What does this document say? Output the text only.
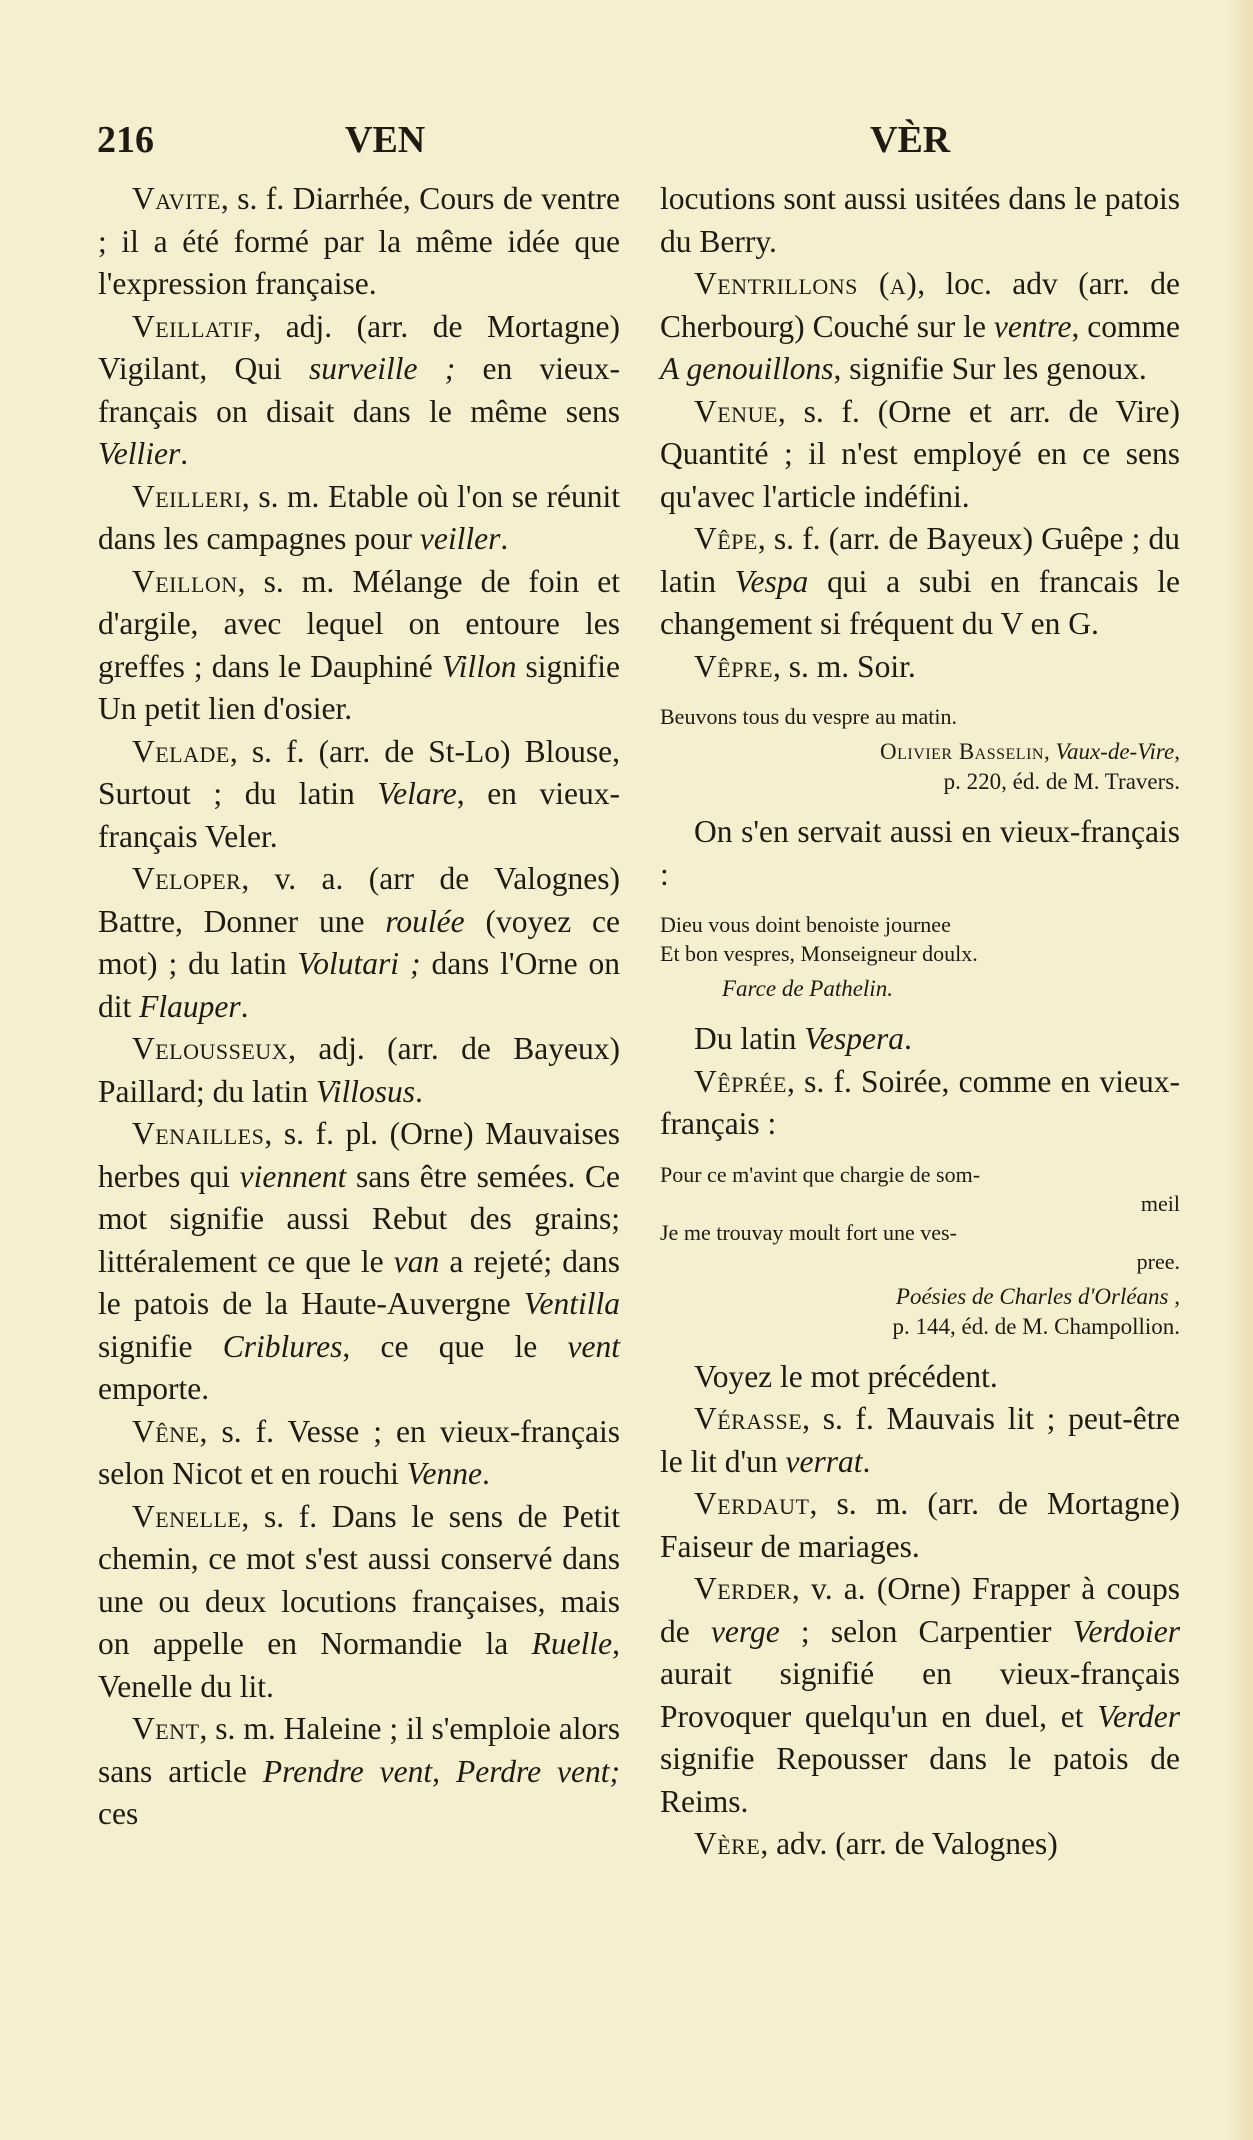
216	VEN	VÈR

Vavite, s. f. Diarrhée, Cours de ventre ; il a été formé par la même idée que l'expression française.

Veillatif, adj. (arr. de Mortagne) Vigilant, Qui surveille ; en vieux-français on disait dans le même sens Vellier.

Veilleri, s. m. Etable où l'on se réunit dans les campagnes pour veiller.

Veillon, s. m. Mélange de foin et d'argile, avec lequel on entoure les greffes ; dans le Dauphiné Villon signifie Un petit lien d'osier.

Velade, s. f. (arr. de St-Lo) Blouse, Surtout ; du latin Velare, en vieux-français Veler.

Veloper, v. a. (arr de Valognes) Battre, Donner une roulée (voyez ce mot) ; du latin Volutari ; dans l'Orne on dit Flauper.

Velousseux, adj. (arr. de Bayeux) Paillard; du latin Villosus.

Venailles, s. f. pl. (Orne) Mauvaises herbes qui viennent sans être semées. Ce mot signifie aussi Rebut des grains; littéralement ce que le van a rejeté; dans le patois de la Haute-Auvergne Ventilla signifie Criblures, ce que le vent emporte.

Vêne, s. f. Vesse ; en vieux-français selon Nicot et en rouchi Venne.

Venelle, s. f. Dans le sens de Petit chemin, ce mot s'est aussi conservé dans une ou deux locutions françaises, mais on appelle en Normandie la Ruelle, Venelle du lit.

Vent, s. m. Haleine ; il s'emploie alors sans article Prendre vent, Perdre vent; ces

locutions sont aussi usitées dans le patois du Berry.

Ventrillons (a), loc. adv (arr. de Cherbourg) Couché sur le ventre, comme A genouillons, signifie Sur les genoux.

Venue, s. f. (Orne et arr. de Vire) Quantité ; il n'est employé en ce sens qu'avec l'article indéfini.

Vêpe, s. f. (arr. de Bayeux) Guêpe ; du latin Vespa qui a subi en francais le changement si fréquent du V en G.

Vêpre, s. m. Soir.

Beuvons tous du vespre au matin.
Olivier Basselin, Vaux-de-Vire,
p. 220, éd. de M. Travers.

On s'en servait aussi en vieux-français :

Dieu vous doint benoiste journee
Et bon vespres, Monseigneur doulx.
Farce de Pathelin.

Du latin Vespera.

Vêprée, s. f. Soirée, comme en vieux-français :

Pour ce m'avint que chargie de som-
meil
Je me trouvay moult fort une ves-
pree.
Poésies de Charles d'Orléans ,
p. 144, éd. de M. Champollion.

Voyez le mot précédent.

Vérasse, s. f. Mauvais lit ; peut-être le lit d'un verrat.

Verdaut, s. m. (arr. de Mortagne) Faiseur de mariages.

Verder, v. a. (Orne) Frapper à coups de verge ; selon Carpentier Verdoier aurait signifié en vieux-français Provoquer quelqu'un en duel, et Verder signifie Repousser dans le patois de Reims.

Vère, adv. (arr. de Valognes)
